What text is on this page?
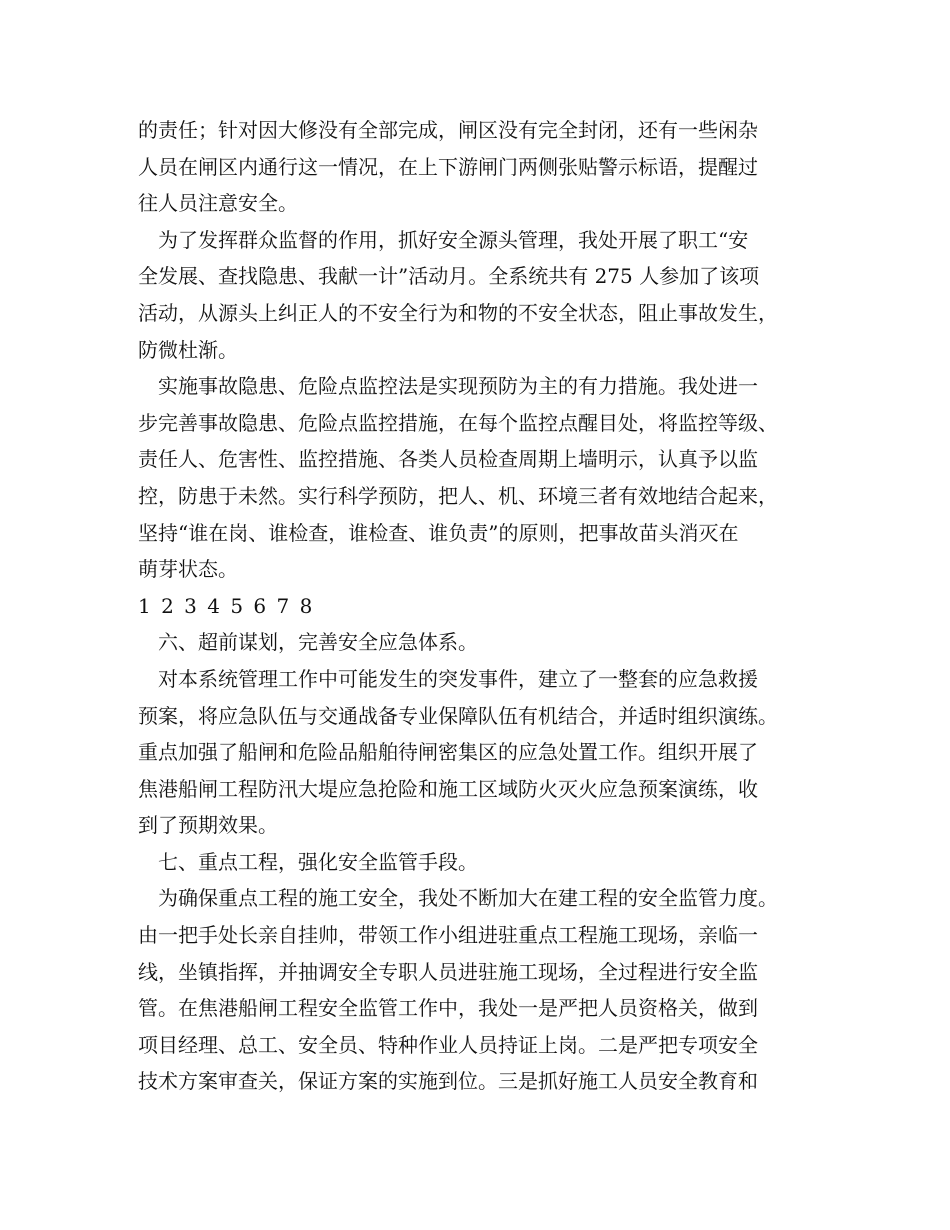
的责任；针对因大修没有全部完成，闸区没有完全封闭，还有一些闲杂
人员在闸区内通行这一情况，在上下游闸门两侧张贴警示标语，提醒过
往人员注意安全。
　为了发挥群众监督的作用，抓好安全源头管理，我处开展了职工“安
全发展、查找隐患、我献一计”活动月。全系统共有 275 人参加了该项
活动，从源头上纠正人的不安全行为和物的不安全状态，阻止事故发生，
防微杜渐。
　实施事故隐患、危险点监控法是实现预防为主的有力措施。我处进一
步完善事故隐患、危险点监控措施，在每个监控点醒目处，将监控等级、
责任人、危害性、监控措施、各类人员检查周期上墙明示，认真予以监
控，防患于未然。实行科学预防，把人、机、环境三者有效地结合起来，
坚持“谁在岗、谁检查，谁检查、谁负责”的原则，把事故苗头消灭在
萌芽状态。
1 2 3 4 5 6 7 8
　六、超前谋划，完善安全应急体系。
　对本系统管理工作中可能发生的突发事件，建立了一整套的应急救援
预案，将应急队伍与交通战备专业保障队伍有机结合，并适时组织演练。
重点加强了船闸和危险品船舶待闸密集区的应急处置工作。组织开展了
焦港船闸工程防汛大堤应急抢险和施工区域防火灭火应急预案演练，收
到了预期效果。
　七、重点工程，强化安全监管手段。
　为确保重点工程的施工安全，我处不断加大在建工程的安全监管力度。
由一把手处长亲自挂帅，带领工作小组进驻重点工程施工现场，亲临一
线，坐镇指挥，并抽调安全专职人员进驻施工现场，全过程进行安全监
管。在焦港船闸工程安全监管工作中，我处一是严把人员资格关，做到
项目经理、总工、安全员、特种作业人员持证上岗。二是严把专项安全
技术方案审查关，保证方案的实施到位。三是抓好施工人员安全教育和
